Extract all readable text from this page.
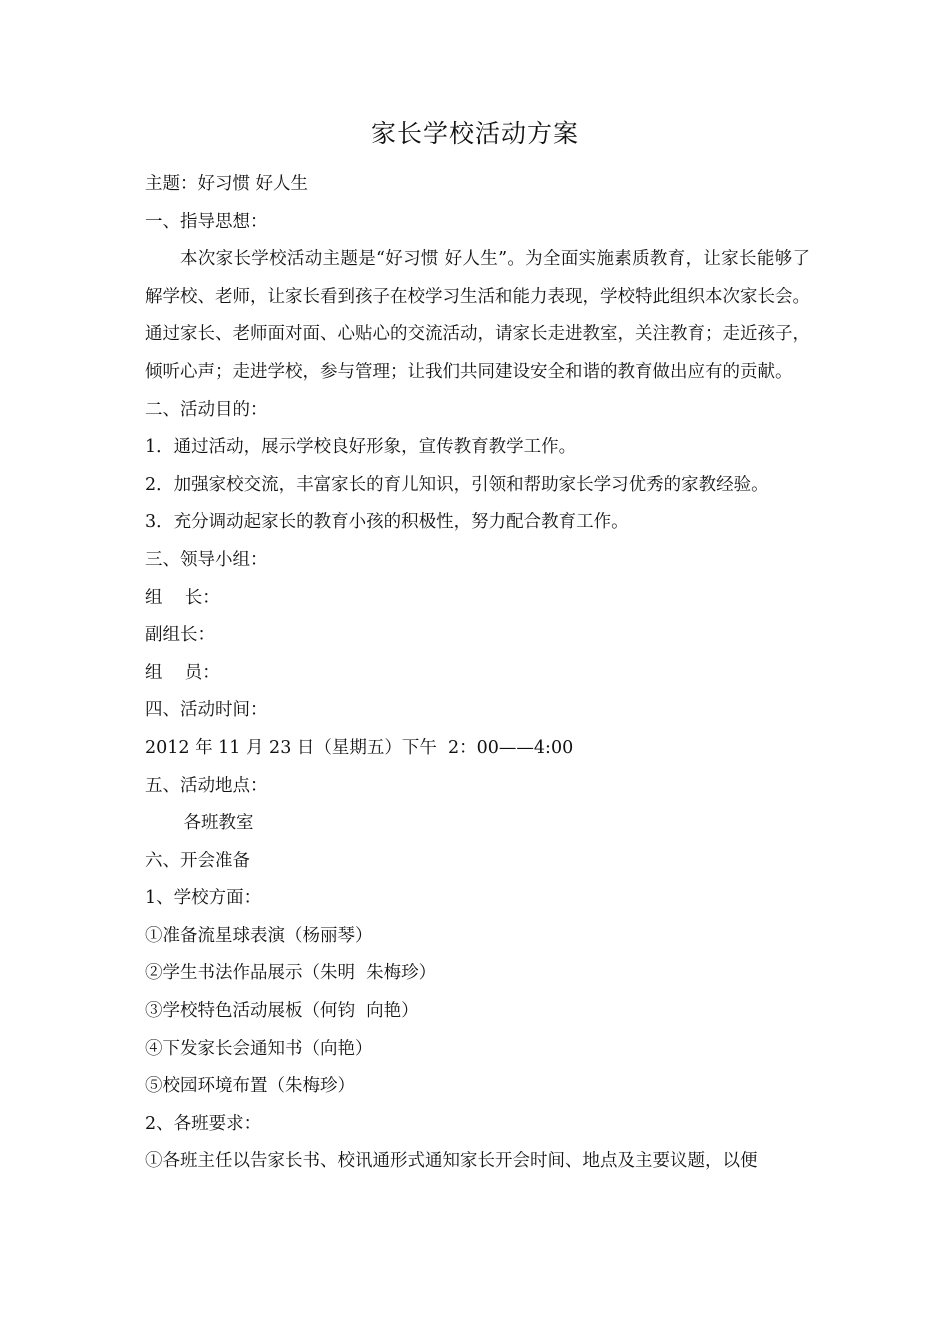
家长学校活动方案
主题：好习惯 好人生
一、指导思想：
本次家长学校活动主题是“好习惯 好人生”。为全面实施素质教育，让家长能够了解学校、老师，让家长看到孩子在校学习生活和能力表现，学校特此组织本次家长会。通过家长、老师面对面、心贴心的交流活动，请家长走进教室，关注教育；走近孩子，倾听心声；走进学校，参与管理；让我们共同建设安全和谐的教育做出应有的贡献。
二、活动目的：
1．通过活动，展示学校良好形象，宣传教育教学工作。
2．加强家校交流，丰富家长的育儿知识，引领和帮助家长学习优秀的家教经验。
3．充分调动起家长的教育小孩的积极性，努力配合教育工作。
三、领导小组：
组    长：
副组长：
组    员：
四、活动时间：
2012 年 11 月 23 日（星期五）下午  2：00——4:00
五、活动地点：
各班教室
六、开会准备
1、学校方面：
①准备流星球表演（杨丽琴）
②学生书法作品展示（朱明  朱梅珍）
③学校特色活动展板（何钧  向艳）
④下发家长会通知书（向艳）
⑤校园环境布置（朱梅珍）
2、各班要求：
①各班主任以告家长书、校讯通形式通知家长开会时间、地点及主要议题，以便
